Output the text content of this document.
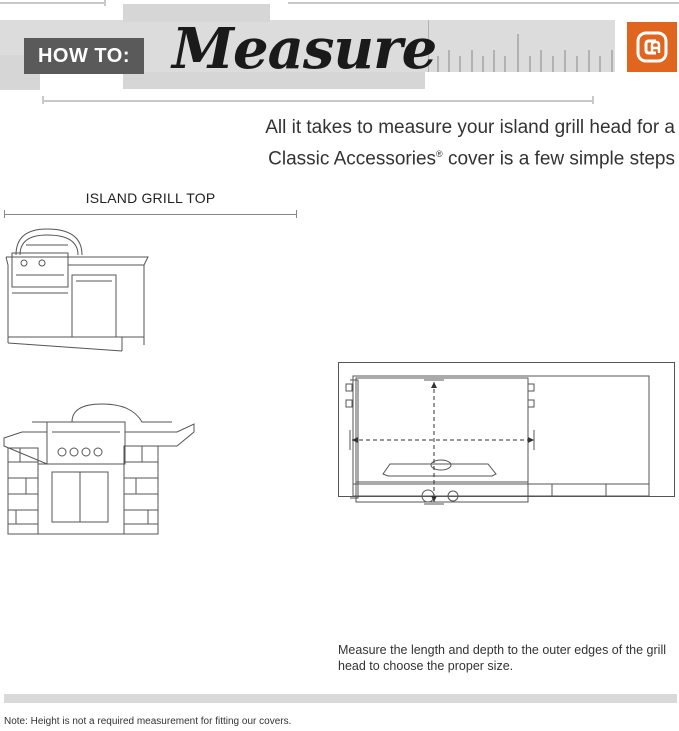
HOW TO: Measure
All it takes to measure your island grill head for a
Classic Accessories® cover is a few simple steps
ISLAND GRILL TOP
Measure the length and depth to the outer edges of the grill head to choose the proper size.
Note: Height is not a required measurement for fitting our covers.
